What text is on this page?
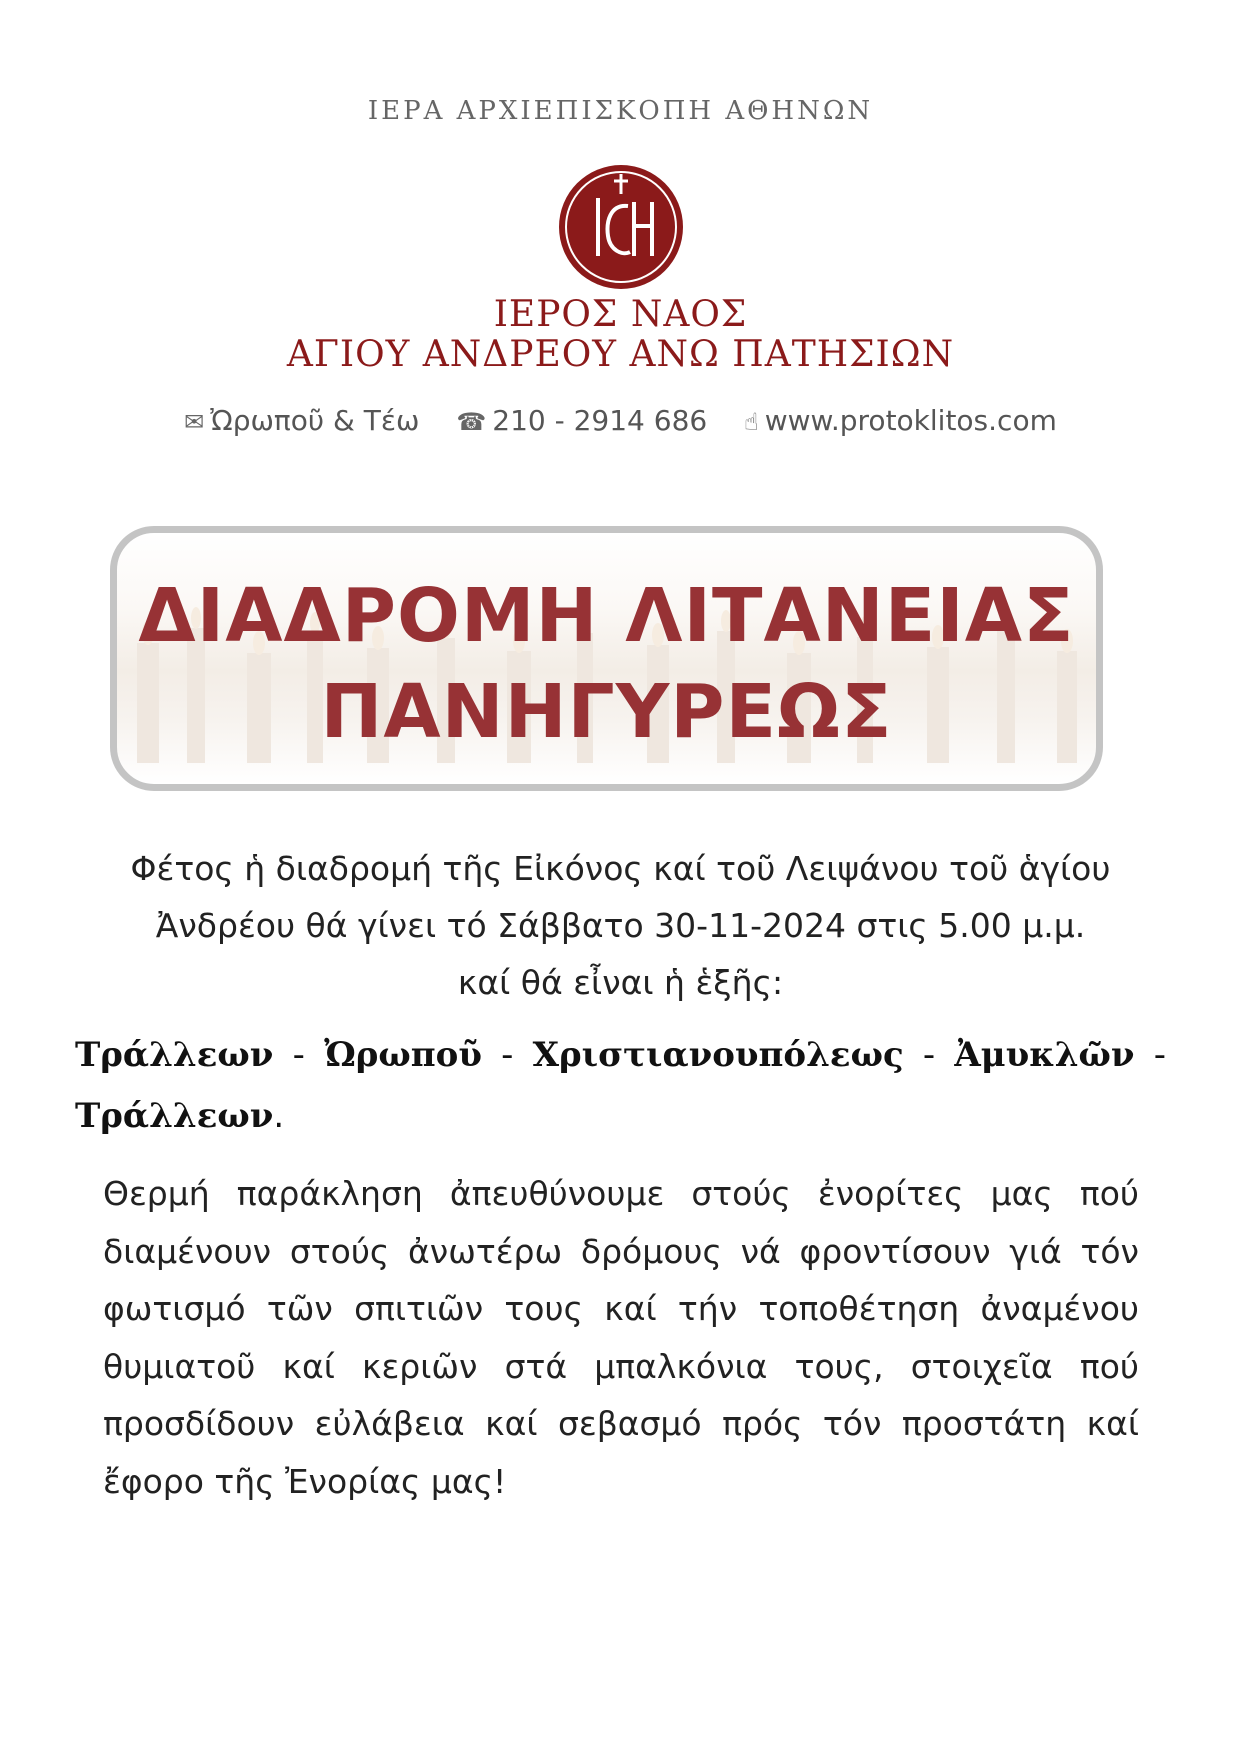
ΙΕΡΑ ΑΡΧΙΕΠΙΣΚΟΠΗ ΑΘΗΝΩΝ
ΙΕΡΟΣ ΝΑΟΣ
ΑΓΙΟΥ ΑΝΔΡΕΟΥ ΑΝΩ ΠΑΤΗΣΙΩΝ
✉ Ὠρωποῦ & Τέω ☎ 210 - 2914 686 ☝ www.protoklitos.com
ΔΙΑΔΡΟΜΗ ΛΙΤΑΝΕΙΑΣ
ΠΑΝΗΓΥΡΕΩΣ
Φέτος ἡ διαδρομή τῆς Εἰκόνος καί τοῦ Λειψάνου τοῦ ἁγίου
Ἀνδρέου θά γίνει τό Σάββατο 30-11-2024 στις 5.00 μ.μ.
καί θά εἶναι ἡ ἑξῆς:
Τράλλεων - Ὠρωποῦ - Χριστιανουπόλεως - Ἀμυκλῶν - Τράλλεων.
Θερμή παράκληση ἀπευθύνουμε στούς ἐνορίτες μας πού διαμένουν στούς ἀνωτέρω δρόμους νά φροντίσουν γιά τόν φωτισμό τῶν σπιτιῶν τους καί τήν τοποθέτηση ἀναμένου θυμιατοῦ καί κεριῶν στά μπαλκόνια τους, στοιχεῖα πού προσδίδουν εὐλάβεια καί σεβασμό πρός τόν προστάτη καί ἔφορο τῆς Ἐνορίας μας!
